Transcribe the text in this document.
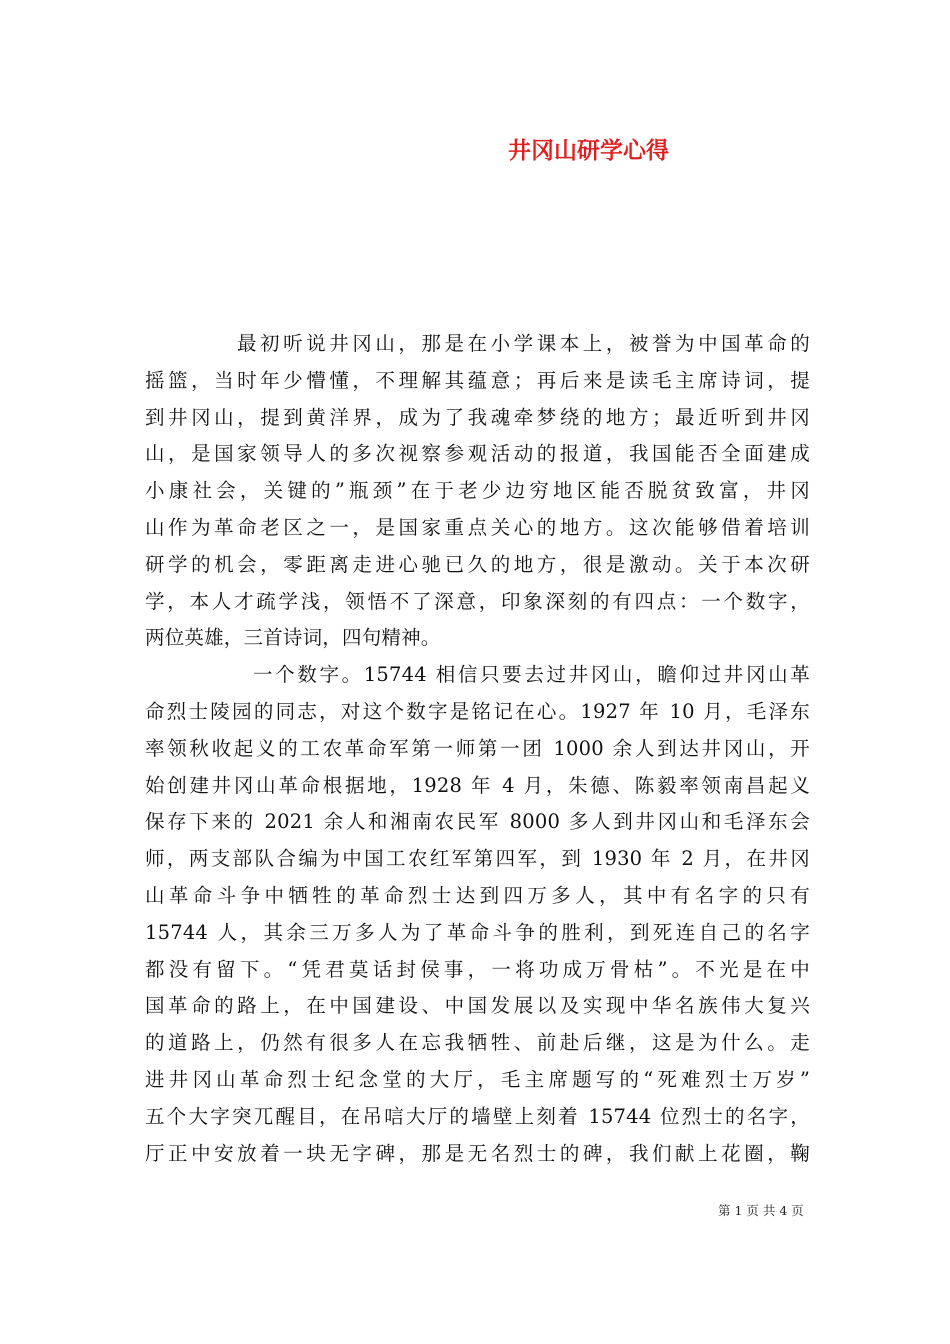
井冈山研学心得
最初听说井冈山，那是在小学课本上，被誉为中国革命的
摇篮，当时年少懵懂，不理解其蕴意；再后来是读毛主席诗词，提
到井冈山，提到黄洋界，成为了我魂牵梦绕的地方；最近听到井冈
山，是国家领导人的多次视察参观活动的报道，我国能否全面建成
小康社会，关键的”瓶颈”在于老少边穷地区能否脱贫致富，井冈
山作为革命老区之一，是国家重点关心的地方。这次能够借着培训
研学的机会，零距离走进心驰已久的地方，很是激动。关于本次研
学，本人才疏学浅，领悟不了深意，印象深刻的有四点：一个数字，
两位英雄，三首诗词，四句精神。
一个数字。15744 相信只要去过井冈山，瞻仰过井冈山革
命烈士陵园的同志，对这个数字是铭记在心。1927 年 10 月，毛泽东
率领秋收起义的工农革命军第一师第一团 1000 余人到达井冈山，开
始创建井冈山革命根据地，1928 年 4 月，朱德、陈毅率领南昌起义
保存下来的 2021 余人和湘南农民军 8000 多人到井冈山和毛泽东会
师，两支部队合编为中国工农红军第四军，到 1930 年 2 月，在井冈
山革命斗争中牺牲的革命烈士达到四万多人，其中有名字的只有
15744 人，其余三万多人为了革命斗争的胜利，到死连自己的名字
都没有留下。“凭君莫话封侯事，一将功成万骨枯”。不光是在中
国革命的路上，在中国建设、中国发展以及实现中华名族伟大复兴
的道路上，仍然有很多人在忘我牺牲、前赴后继，这是为什么。走
进井冈山革命烈士纪念堂的大厅，毛主席题写的“死难烈士万岁”
五个大字突兀醒目，在吊唁大厅的墙壁上刻着 15744 位烈士的名字，
厅正中安放着一块无字碑，那是无名烈士的碑，我们献上花圈，鞠
第 1 页 共 4 页
